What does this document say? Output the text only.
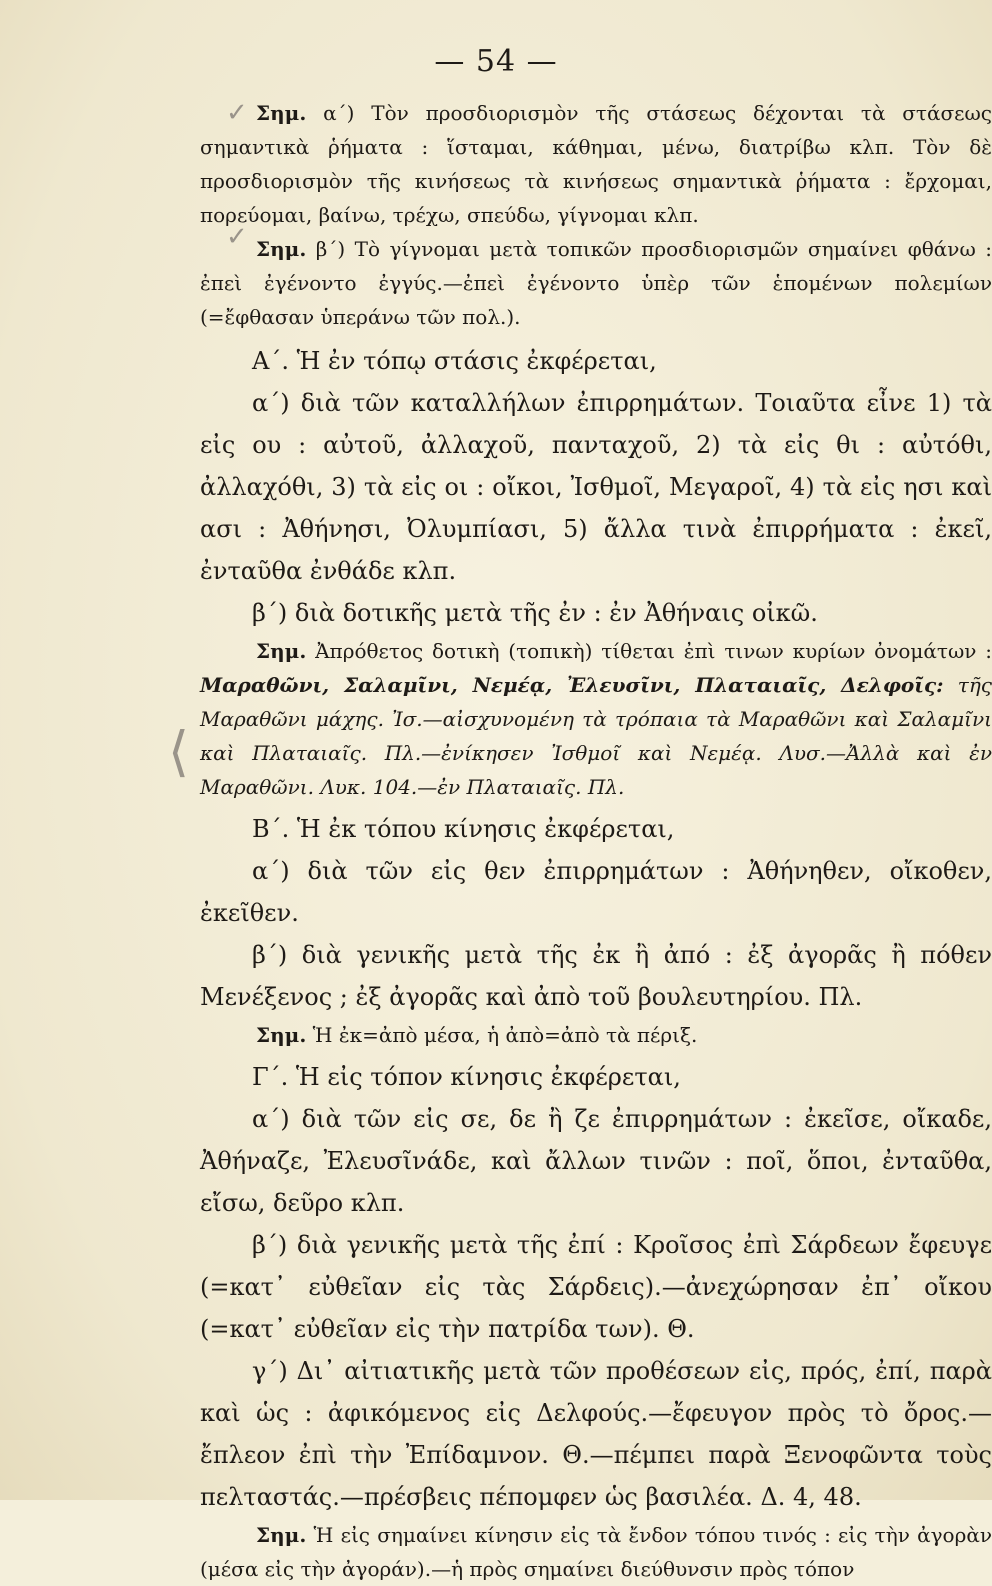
✓
✓
⟨
— 54 —

Σημ. α΄) Τὸν προσδιορισμὸν τῆς στάσεως δέχονται τὰ στάσεως σημαντικὰ ῥήματα : ἵσταμαι, κάθημαι, μένω, διατρίβω κλπ. Τὸν δὲ προσδιορισμὸν τῆς κινήσεως τὰ κινήσεως σημαντικὰ ῥήματα : ἔρχομαι, πορεύομαι, βαίνω, τρέχω, σπεύδω, γίγνομαι κλπ.

Σημ. β΄) Τὸ γίγνομαι μετὰ τοπικῶν προσδιορισμῶν σημαίνει φθάνω : ἐπεὶ ἐγένοντο ἐγγύς.—ἐπεὶ ἐγένοντο ὑπὲρ τῶν ἑπομένων πολεμίων (=ἔφθασαν ὑπεράνω τῶν πολ.).

Α΄. Ἡ ἐν τόπῳ στάσις ἐκφέρεται,

α΄) διὰ τῶν καταλλήλων ἐπιρρημάτων. Τοιαῦτα εἶνε 1) τὰ εἰς ου : αὐτοῦ, ἀλλαχοῦ, πανταχοῦ, 2) τὰ εἰς θι : αὐτόθι, ἀλλαχόθι, 3) τὰ εἰς οι : οἴκοι, Ἰσθμοῖ, Μεγαροῖ, 4) τὰ εἰς ησι καὶ ασι : Ἀθήνησι, Ὀλυμπίασι, 5) ἄλλα τινὰ ἐπιρρήματα : ἐκεῖ, ἐνταῦθα ἐνθάδε κλπ.

β΄) διὰ δοτικῆς μετὰ τῆς ἐν : ἐν Ἀθήναις οἰκῶ.

Σημ. Ἀπρόθετος δοτικὴ (τοπικὴ) τίθεται ἐπὶ τινων κυρίων ὀνομάτων : Μαραθῶνι, Σαλαμῖνι, Νεμέᾳ, Ἐλευσῖνι, Πλαταιαῖς, Δελφοῖς: τῆς Μαραθῶνι μάχης. Ἰσ.—αἰσχυνομένη τὰ τρόπαια τὰ Μαραθῶνι καὶ Σαλαμῖνι καὶ Πλαταιαῖς. Πλ.—ἐνίκησεν Ἰσθμοῖ καὶ Νεμέᾳ. Λυσ.—Ἀλλὰ καὶ ἐν Μαραθῶνι. Λυκ. 104.—ἐν Πλαταιαῖς. Πλ.

Β΄. Ἡ ἐκ τόπου κίνησις ἐκφέρεται,

α΄) διὰ τῶν εἰς θεν ἐπιρρημάτων : Ἀθήνηθεν, οἴκοθεν, ἐκεῖθεν.

β΄) διὰ γενικῆς μετὰ τῆς ἐκ ἢ ἀπό : ἐξ ἀγορᾶς ἢ πόθεν Μενέξενος ; ἐξ ἀγορᾶς καὶ ἀπὸ τοῦ βουλευτηρίου. Πλ.

Σημ. Ἡ ἐκ=ἀπὸ μέσα, ἡ ἀπὸ=ἀπὸ τὰ πέριξ.

Γ΄. Ἡ εἰς τόπον κίνησις ἐκφέρεται,

α΄) διὰ τῶν εἰς σε, δε ἢ ζε ἐπιρρημάτων : ἐκεῖσε, οἴκαδε, Ἀθήναζε, Ἐλευσῖνάδε, καὶ ἄλλων τινῶν : ποῖ, ὅποι, ἐνταῦθα, εἴσω, δεῦρο κλπ.

β΄) διὰ γενικῆς μετὰ τῆς ἐπί : Κροῖσος ἐπὶ Σάρδεων ἔφευγε (=κατ᾽ εὐθεῖαν εἰς τὰς Σάρδεις).—ἀνεχώρησαν ἐπ᾽ οἴκου (=κατ᾽ εὐθεῖαν εἰς τὴν πατρίδα των). Θ.

γ΄) Δι᾽ αἰτιατικῆς μετὰ τῶν προθέσεων εἰς, πρός, ἐπί, παρὰ καὶ ὡς : ἀφικόμενος εἰς Δελφούς.—ἔφευγον πρὸς τὸ ὄρος.—ἔπλεον ἐπὶ τὴν Ἐπίδαμνον. Θ.—πέμπει παρὰ Ξενοφῶντα τοὺς πελταστάς.—πρέσβεις πέπομφεν ὡς βασιλέα. Δ. 4, 48.

Σημ. Ἡ εἰς σημαίνει κίνησιν εἰς τὰ ἔνδον τόπου τινός : εἰς τὴν ἀγορὰν (μέσα εἰς τὴν ἀγοράν).—ἡ πρὸς σημαίνει διεύθυνσιν πρὸς τόπον
